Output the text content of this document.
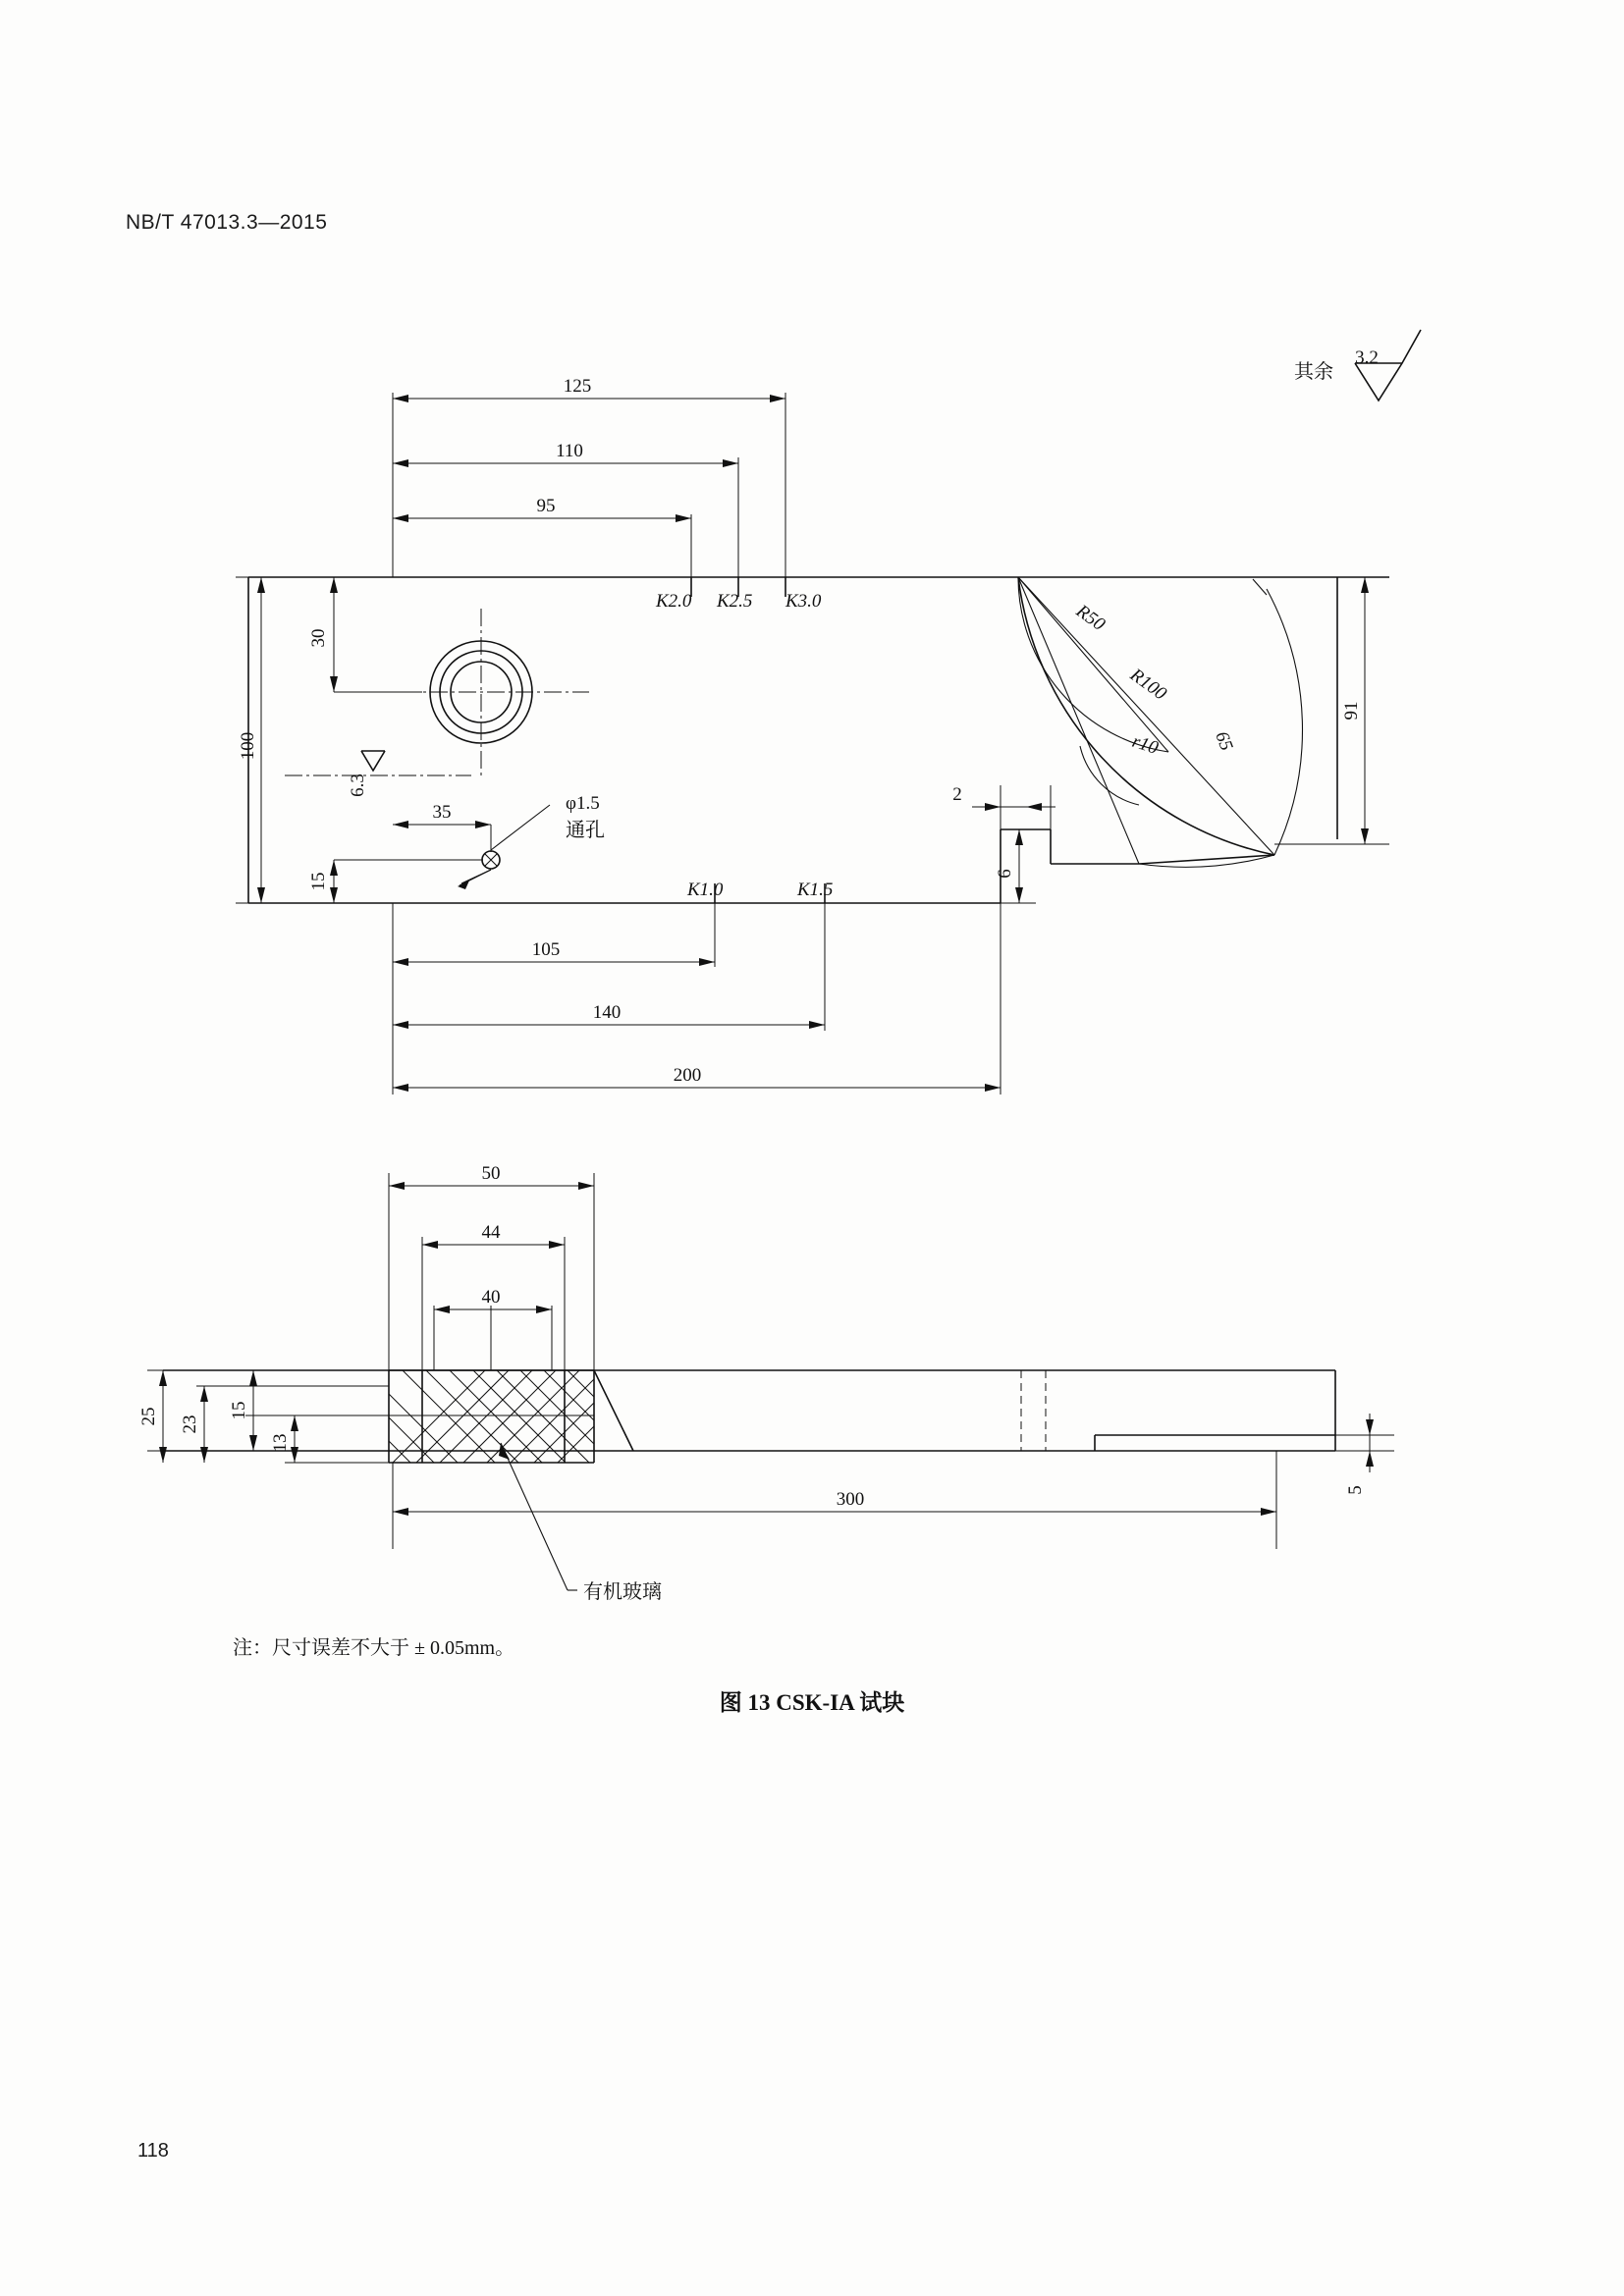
NB/T 47013.3—2015
125
110
95
105
140
200
100
30
15
35
91
2
6
K2.0 K2.5 K3.0
K1.0	K1.5
φ1.5
通孔
R50
R100
r10	65
6.3
其余
3.2
50
44
40
25 23
15
13
300	5
有机玻璃
注：尺寸误差不大于 ± 0.05mm。
图 13 CSK-IA 试块
118
